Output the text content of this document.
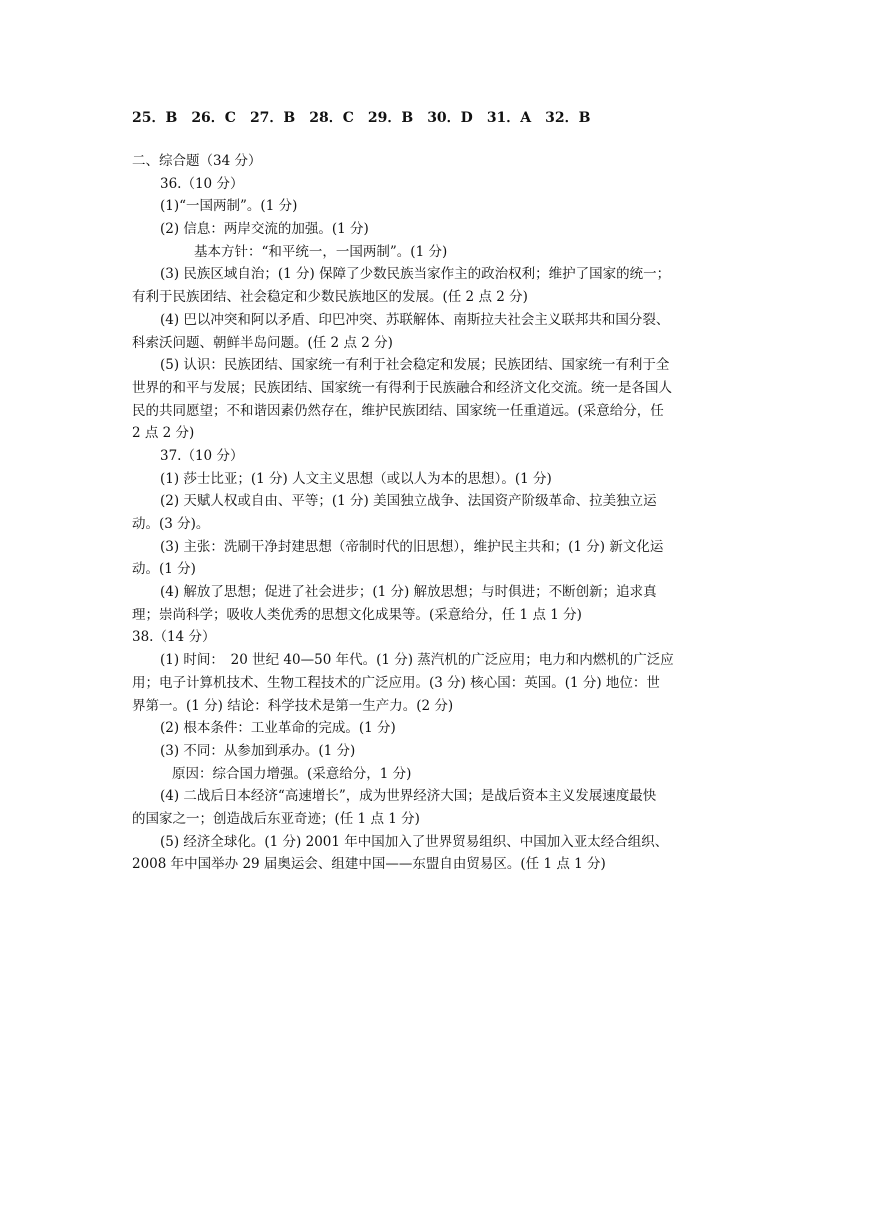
25．B　26．C　27．B　28．C　29．B　30．D　31．A　32．B
二、综合题（34 分）
36.（10 分）
(1)“一国两制”。(1 分)
(2) 信息：两岸交流的加强。(1 分)
基本方针：“和平统一，一国两制”。(1 分)
(3) 民族区域自治；(1 分) 保障了少数民族当家作主的政治权利；维护了国家的统一；
有利于民族团结、社会稳定和少数民族地区的发展。(任 2 点 2 分)
(4) 巴以冲突和阿以矛盾、印巴冲突、苏联解体、南斯拉夫社会主义联邦共和国分裂、
科索沃问题、朝鲜半岛问题。(任 2 点 2 分)
(5) 认识：民族团结、国家统一有利于社会稳定和发展；民族团结、国家统一有利于全
世界的和平与发展；民族团结、国家统一有得利于民族融合和经济文化交流。统一是各国人
民的共同愿望；不和谐因素仍然存在，维护民族团结、国家统一任重道远。(采意给分，任
2 点 2 分)
37.（10 分）
(1) 莎士比亚；(1 分) 人文主义思想（或以人为本的思想）。(1 分)
(2) 天赋人权或自由、平等；(1 分) 美国独立战争、法国资产阶级革命、拉美独立运
动。(3 分)。
(3) 主张：洗刷干净封建思想（帝制时代的旧思想），维护民主共和；(1 分) 新文化运
动。(1 分)
(4) 解放了思想；促进了社会进步；(1 分) 解放思想；与时俱进；不断创新；追求真
理；崇尚科学；吸收人类优秀的思想文化成果等。(采意给分，任 1 点 1 分)
38.（14 分）
(1) 时间：　20 世纪 40—50 年代。(1 分) 蒸汽机的广泛应用；电力和内燃机的广泛应
用；电子计算机技术、生物工程技术的广泛应用。(3 分) 核心国：英国。(1 分) 地位：世
界第一。(1 分) 结论：科学技术是第一生产力。(2 分)
(2) 根本条件：工业革命的完成。(1 分)
(3) 不同：从参加到承办。(1 分)
原因：综合国力增强。(采意给分，1 分)
(4) 二战后日本经济“高速增长”，成为世界经济大国；是战后资本主义发展速度最快
的国家之一；创造战后东亚奇迹；(任 1 点 1 分)
(5) 经济全球化。(1 分) 2001 年中国加入了世界贸易组织、中国加入亚太经合组织、
2008 年中国举办 29 届奥运会、组建中国——东盟自由贸易区。(任 1 点 1 分)
